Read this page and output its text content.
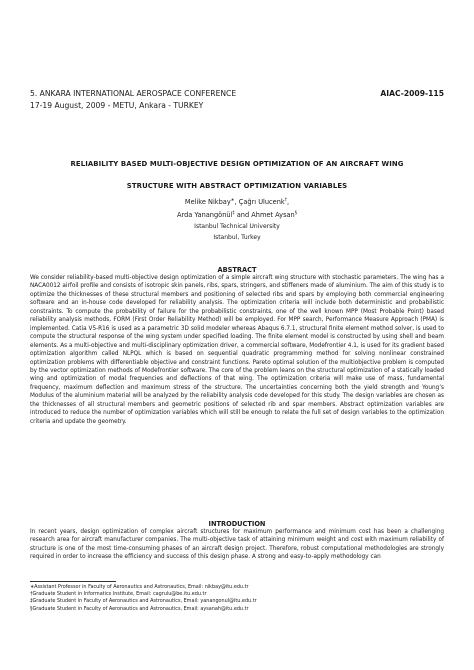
5. ANKARA INTERNATIONAL AEROSPACE CONFERENCE	AIAC-2009-115
17-19 August, 2009 - METU, Ankara - TURKEY
RELIABILITY BASED MULTI-OBJECTIVE DESIGN OPTIMIZATION OF AN AIRCRAFT WING
STRUCTURE WITH ABSTRACT OPTIMIZATION VARIABLES
Melike Nikbay∗, Çağrı Ulucenk†,
Arda Yanangönül‡ and Ahmet Aysan§
Istanbul Technical University
Istanbul, Turkey
ABSTRACT
We consider reliability-based multi-objective design optimization of a simple aircraft wing structure with stochastic parameters. The wing has a NACA0012 airfoil profile and consists of isotropic skin panels, ribs, spars, stringers, and stiffeners made of aluminium. The aim of this study is to optimize the thicknesses of these structural members and positioning of selected ribs and spars by employing both commercial engineering software and an in-house code developed for reliability analysis. The optimization criteria will include both deterministic and probabilistic constraints. To compute the probability of failure for the probabilistic constraints, one of the well known MPP (Most Probable Point) based reliability analysis methods, FORM (First Order Reliability Method) will be employed. For MPP search, Performance Measure Approach (PMA) is implemented. Catia V5-R16 is used as a parametric 3D solid modeler whereas Abaqus 6.7.1, structural finite element method solver, is used to compute the structural response of the wing system under specified loading. The finite element model is constructed by using shell and beam elements. As a multi-objective and multi-disciplinary optimization driver, a commercial software, Modefrontier 4.1, is used for its gradient based optimization algorithm called NLPQL which is based on sequential quadratic programming method for solving nonlinear constrained optimization problems with differentiable objective and constraint functions. Pareto optimal solution of the multiobjective problem is computed by the vector optimization methods of Modefrontier software. The core of the problem leans on the structural optimization of a statically loaded wing and optimization of modal frequencies and deflections of that wing. The optimization criteria will make use of mass, fundamental frequency, maximum deflection and maximum stress of the structure. The uncertainties concerning both the yield strength and Young’s Modulus of the aluminium material will be analyzed by the reliability analysis code developed for this study. The design variables are chosen as the thicknesses of all structural members and geometric positions of selected rib and spar members. Abstract optimization variables are introduced to reduce the number of optimization variables which will still be enough to relate the full set of design variables to the optimization criteria and update the geometry.
INTRODUCTION
In recent years, design optimization of complex aircraft structures for maximum performance and minimum cost has been a challenging research area for aircraft manufacturer companies. The multi-objective task of attaining minimum weight and cost with maximum reliability of structure is one of the most time-consuming phases of an aircraft design project. Therefore, robust computational methodologies are strongly required in order to increase the efficiency and success of this design phase. A strong and easy-to-apply methodology can
∗Assistant Professor in Faculty of Aeronautics and Astronautics, Email: nikbay@itu.edu.tr
†Graduate Student in Informatics Institute, Email: cagrulu@be.itu.edu.tr
‡Graduate Student in Faculty of Aeronautics and Astronautics, Email: yanangonul@itu.edu.tr
§Graduate Student in Faculty of Aeronautics and Astronautics, Email: aysanah@itu.edu.tr
